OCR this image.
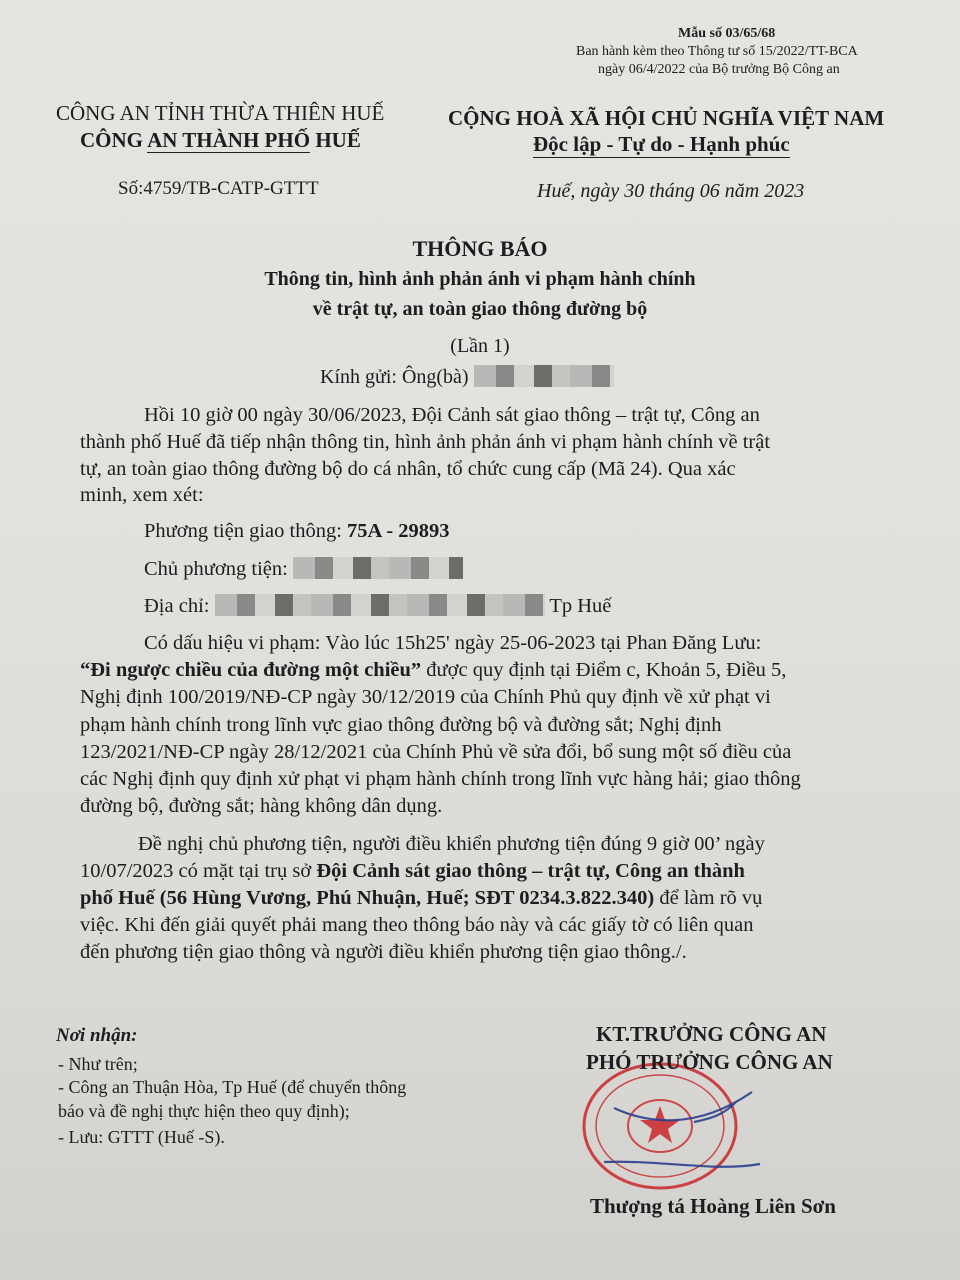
Mẫu số 03/65/68
Ban hành kèm theo Thông tư số 15/2022/TT-BCA
ngày 06/4/2022 của Bộ trưởng Bộ Công an
CÔNG AN TỈNH THỪA THIÊN HUẾ
CÔNG AN THÀNH PHỐ HUẾ
CỘNG HOÀ XÃ HỘI CHỦ NGHĨA VIỆT NAM
Độc lập - Tự do - Hạnh phúc
Số:4759/TB-CATP-GTTT	Huế, ngày 30 tháng 06 năm 2023
THÔNG BÁO
Thông tin, hình ảnh phản ánh vi phạm hành chính
về trật tự, an toàn giao thông đường bộ
(Lần 1)
Kính gửi: Ông(bà)
Hồi 10 giờ 00 ngày 30/06/2023, Đội Cảnh sát giao thông – trật tự, Công an
thành phố Huế đã tiếp nhận thông tin, hình ảnh phản ánh vi phạm hành chính về trật
tự, an toàn giao thông đường bộ do cá nhân, tổ chức cung cấp (Mã 24). Qua xác
minh, xem xét:
Phương tiện giao thông: 75A - 29893
Chủ phương tiện:
Địa chỉ:	Tp Huế
Có dấu hiệu vi phạm: Vào lúc 15h25' ngày 25-06-2023 tại Phan Đăng Lưu:
“Đi ngược chiều của đường một chiều” được quy định tại Điểm c, Khoản 5, Điều 5,
Nghị định 100/2019/NĐ-CP ngày 30/12/2019 của Chính Phủ quy định về xử phạt vi
phạm hành chính trong lĩnh vực giao thông đường bộ và đường sắt; Nghị định
123/2021/NĐ-CP ngày 28/12/2021 của Chính Phủ về sửa đổi, bổ sung một số điều của
các Nghị định quy định xử phạt vi phạm hành chính trong lĩnh vực hàng hải; giao thông
đường bộ, đường sắt; hàng không dân dụng.
Đề nghị chủ phương tiện, người điều khiển phương tiện đúng 9 giờ 00’ ngày
10/07/2023 có mặt tại trụ sở Đội Cảnh sát giao thông – trật tự, Công an thành
phố Huế (56 Hùng Vương, Phú Nhuận, Huế; SĐT 0234.3.822.340) để làm rõ vụ
việc. Khi đến giải quyết phải mang theo thông báo này và các giấy tờ có liên quan
đến phương tiện giao thông và người điều khiển phương tiện giao thông./.
Nơi nhận:
- Như trên;
- Công an Thuận Hòa, Tp Huế (để chuyển thông
báo và đề nghị thực hiện theo quy định);
- Lưu: GTTT (Huế -S).
KT.TRƯỞNG CÔNG AN
PHÓ TRƯỞNG CÔNG AN
Thượng tá Hoàng Liên Sơn
